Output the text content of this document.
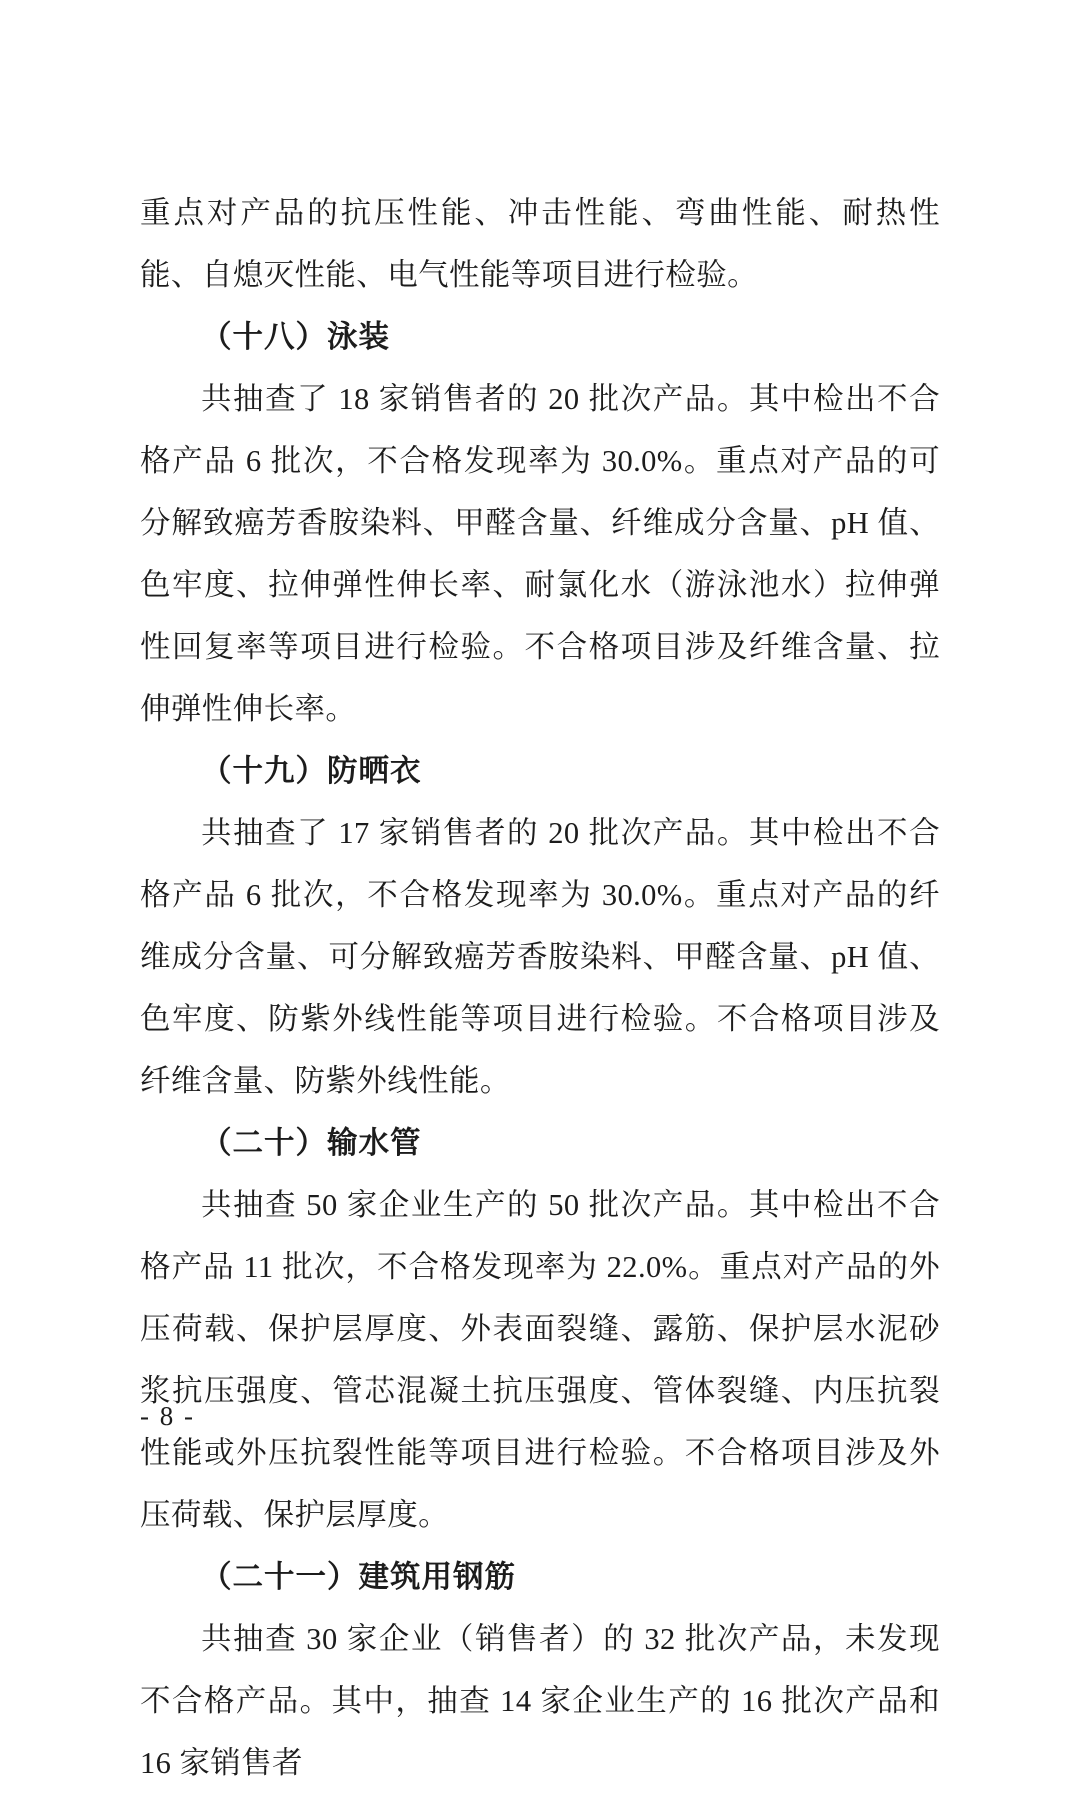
重点对产品的抗压性能、冲击性能、弯曲性能、耐热性能、自熄灭性能、电气性能等项目进行检验。

（十八）泳装

共抽查了 18 家销售者的 20 批次产品。其中检出不合格产品 6 批次，不合格发现率为 30.0%。重点对产品的可分解致癌芳香胺染料、甲醛含量、纤维成分含量、pH 值、色牢度、拉伸弹性伸长率、耐氯化水（游泳池水）拉伸弹性回复率等项目进行检验。不合格项目涉及纤维含量、拉伸弹性伸长率。

（十九）防晒衣

共抽查了 17 家销售者的 20 批次产品。其中检出不合格产品 6 批次，不合格发现率为 30.0%。重点对产品的纤维成分含量、可分解致癌芳香胺染料、甲醛含量、pH 值、色牢度、防紫外线性能等项目进行检验。不合格项目涉及纤维含量、防紫外线性能。

（二十）输水管

共抽查 50 家企业生产的 50 批次产品。其中检出不合格产品 11 批次，不合格发现率为 22.0%。重点对产品的外压荷载、保护层厚度、外表面裂缝、露筋、保护层水泥砂浆抗压强度、管芯混凝土抗压强度、管体裂缝、内压抗裂性能或外压抗裂性能等项目进行检验。不合格项目涉及外压荷载、保护层厚度。

（二十一）建筑用钢筋

共抽查 30 家企业（销售者）的 32 批次产品，未发现不合格产品。其中，抽查 14 家企业生产的 16 批次产品和 16 家销售者

- 8 -
